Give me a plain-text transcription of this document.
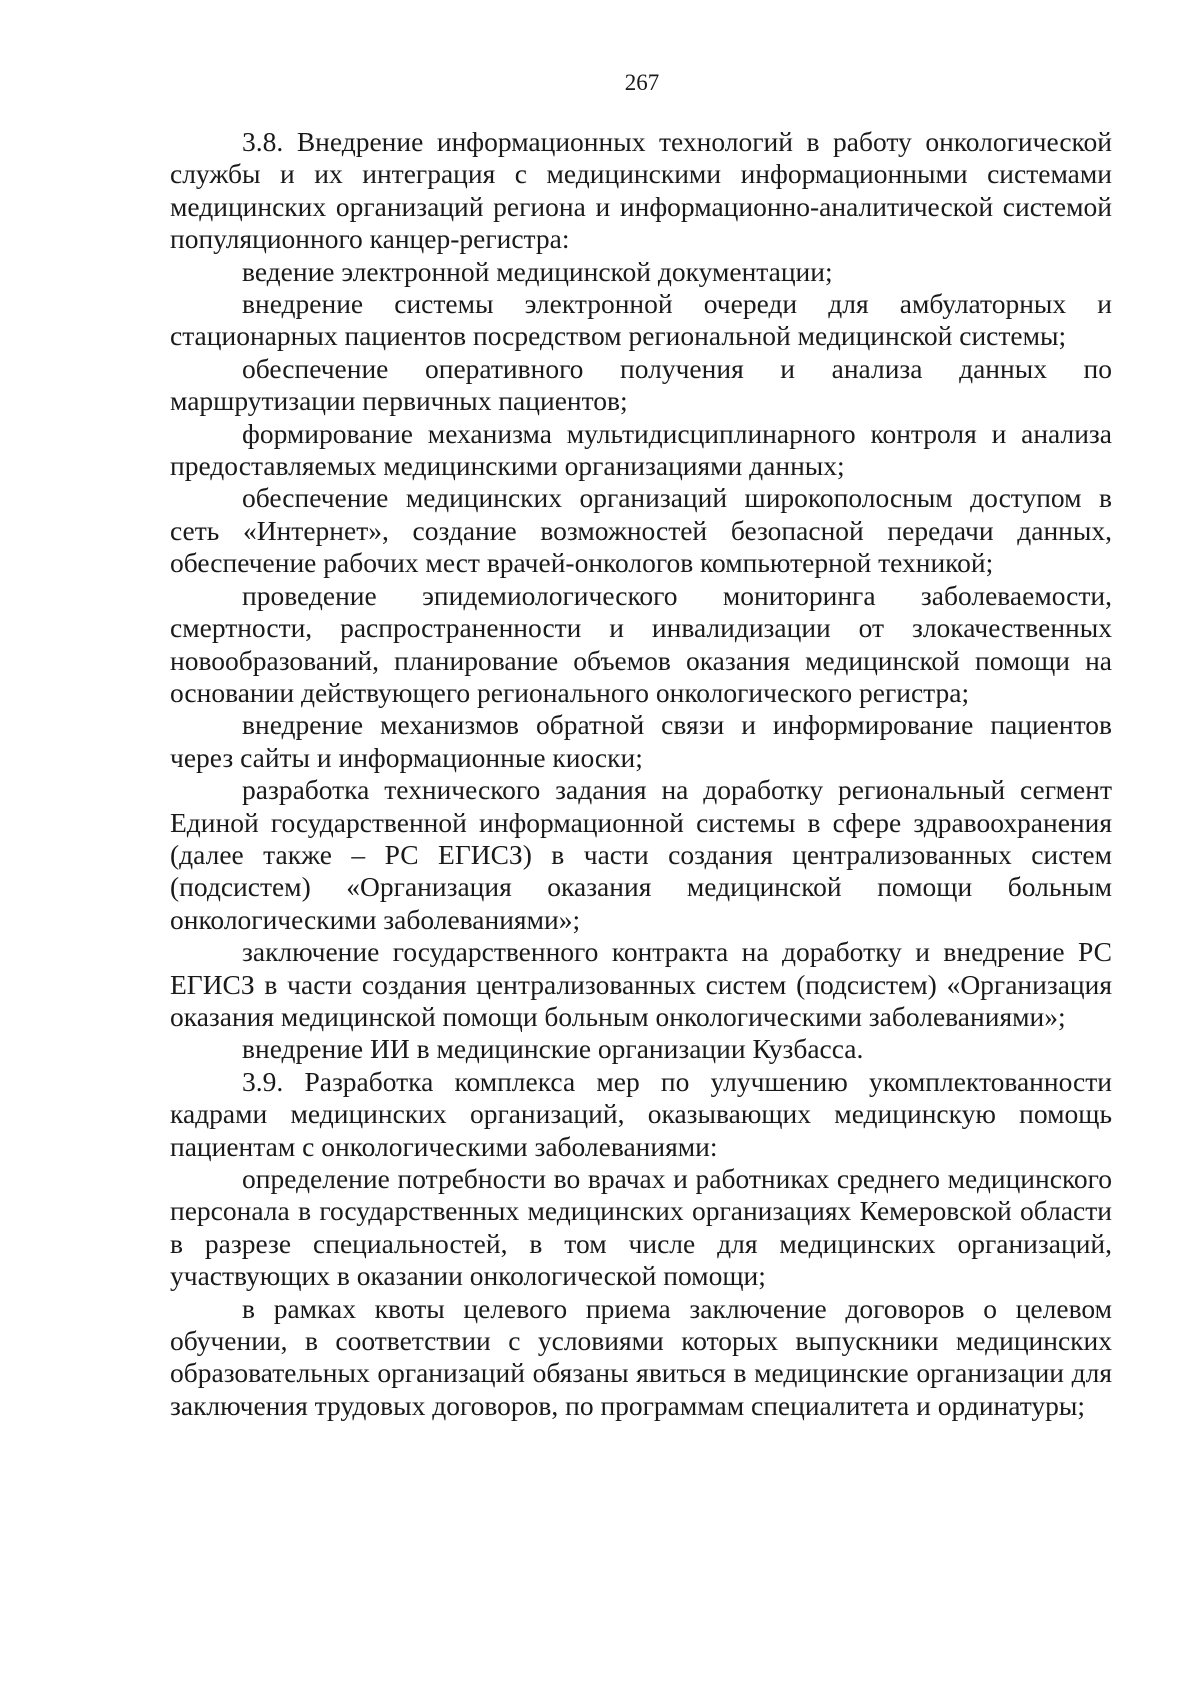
267

3.8. Внедрение информационных технологий в работу онкологической службы и их интеграция с медицинскими информационными системами медицинских организаций региона и информационно-аналитической системой популяционного канцер-регистра:

ведение электронной медицинской документации;

внедрение системы электронной очереди для амбулаторных и стационарных пациентов посредством региональной медицинской системы;

обеспечение оперативного получения и анализа данных по маршрутизации первичных пациентов;

формирование механизма мультидисциплинарного контроля и анализа предоставляемых медицинскими организациями данных;

обеспечение медицинских организаций широкополосным доступом в сеть «Интернет», создание возможностей безопасной передачи данных, обеспечение рабочих мест врачей-онкологов компьютерной техникой;

проведение эпидемиологического мониторинга заболеваемости, смертности, распространенности и инвалидизации от злокачественных новообразований, планирование объемов оказания медицинской помощи на основании действующего регионального онкологического регистра;

внедрение механизмов обратной связи и информирование пациентов через сайты и информационные киоски;

разработка технического задания на доработку региональный сегмент Единой государственной информационной системы в сфере здравоохранения (далее также – РС ЕГИСЗ) в части создания централизованных систем (подсистем) «Организация оказания медицинской помощи больным онкологическими заболеваниями»;

заключение государственного контракта на доработку и внедрение РС ЕГИСЗ в части создания централизованных систем (подсистем) «Организация оказания медицинской помощи больным онкологическими заболеваниями»;

внедрение ИИ в медицинские организации Кузбасса.

3.9. Разработка комплекса мер по улучшению укомплектованности кадрами медицинских организаций, оказывающих медицинскую помощь пациентам с онкологическими заболеваниями:

определение потребности во врачах и работниках среднего медицинского персонала в государственных медицинских организациях Кемеровской области в разрезе специальностей, в том числе для медицинских организаций, участвующих в оказании онкологической помощи;

в рамках квоты целевого приема заключение договоров о целевом обучении, в соответствии с условиями которых выпускники медицинских образовательных организаций обязаны явиться в медицинские организации для заключения трудовых договоров, по программам специалитета и ординатуры;
